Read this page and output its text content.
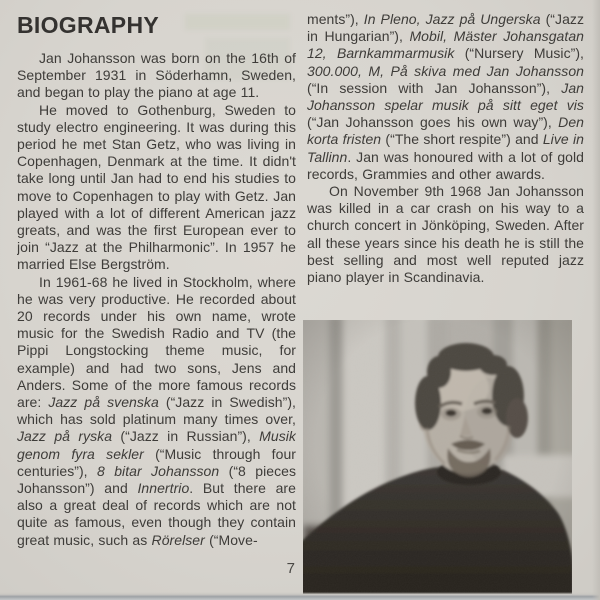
BIOGRAPHY

Jan Johansson was born on the 16th of September 1931 in Söderhamn, Sweden, and began to play the piano at age 11.

He moved to Gothenburg, Sweden to study electro engineering. It was during this period he met Stan Getz, who was living in Copenhagen, Denmark at the time. It didn't take long until Jan had to end his studies to move to Copenhagen to play with Getz. Jan played with a lot of different American jazz greats, and was the first European ever to join “Jazz at the Philharmonic”. In 1957 he married Else Bergström.

In 1961-68 he lived in Stockholm, where he was very productive. He recorded about 20 records under his own name, wrote music for the Swedish Radio and TV (the Pippi Longstocking theme music, for example) and had two sons, Jens and Anders. Some of the more famous records are: Jazz på svenska (“Jazz in Swedish”), which has sold platinum many times over, Jazz på ryska (“Jazz in Russian”), Musik genom fyra sekler (“Music through four centuries”), 8 bitar Johansson (“8 pieces Johansson”) and Innertrio. But there are also a great deal of records which are not quite as famous, even though they contain great music, such as Rörelser (“Move-

ments”), In Pleno, Jazz på Ungerska (“Jazz in Hungarian”), Mobil, Mäster Johansgatan 12, Barnkammarmusik (“Nursery Music”), 300.000, M, På skiva med Jan Johansson (“In session with Jan Johansson”), Jan Johansson spelar musik på sitt eget vis (“Jan Johansson goes his own way”), Den korta fristen (“The short respite”) and Live in Tallinn. Jan was honoured with a lot of gold records, Grammies and other awards.

On November 9th 1968 Jan Johansson was killed in a car crash on his way to a church concert in Jönköping, Sweden. After all these years since his death he is still the best selling and most well reputed jazz piano player in Scandinavia.

7
